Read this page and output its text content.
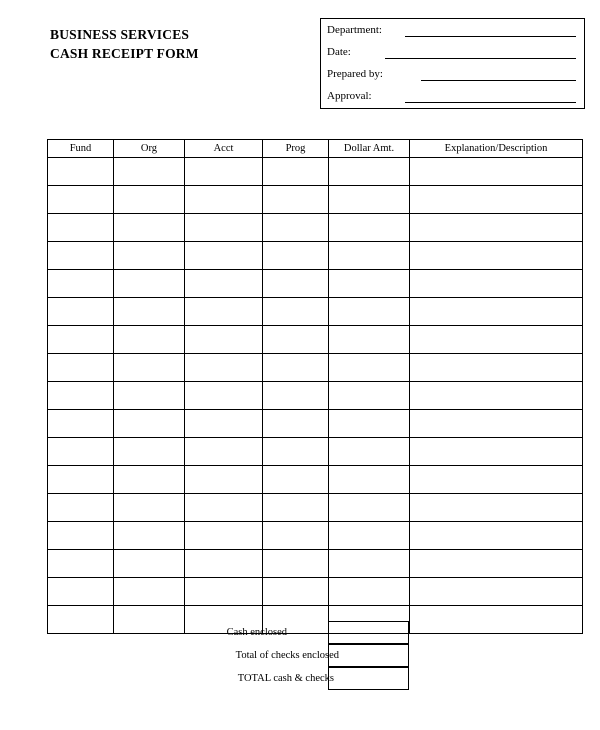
BUSINESS SERVICES
CASH RECEIPT FORM
Department:
Date:
Prepared by:
Approval:
Fund	Org	Acct	Prog	Dollar Amt.	Explanation/Description

Cash enclosed
Total of checks enclosed
TOTAL cash & checks
